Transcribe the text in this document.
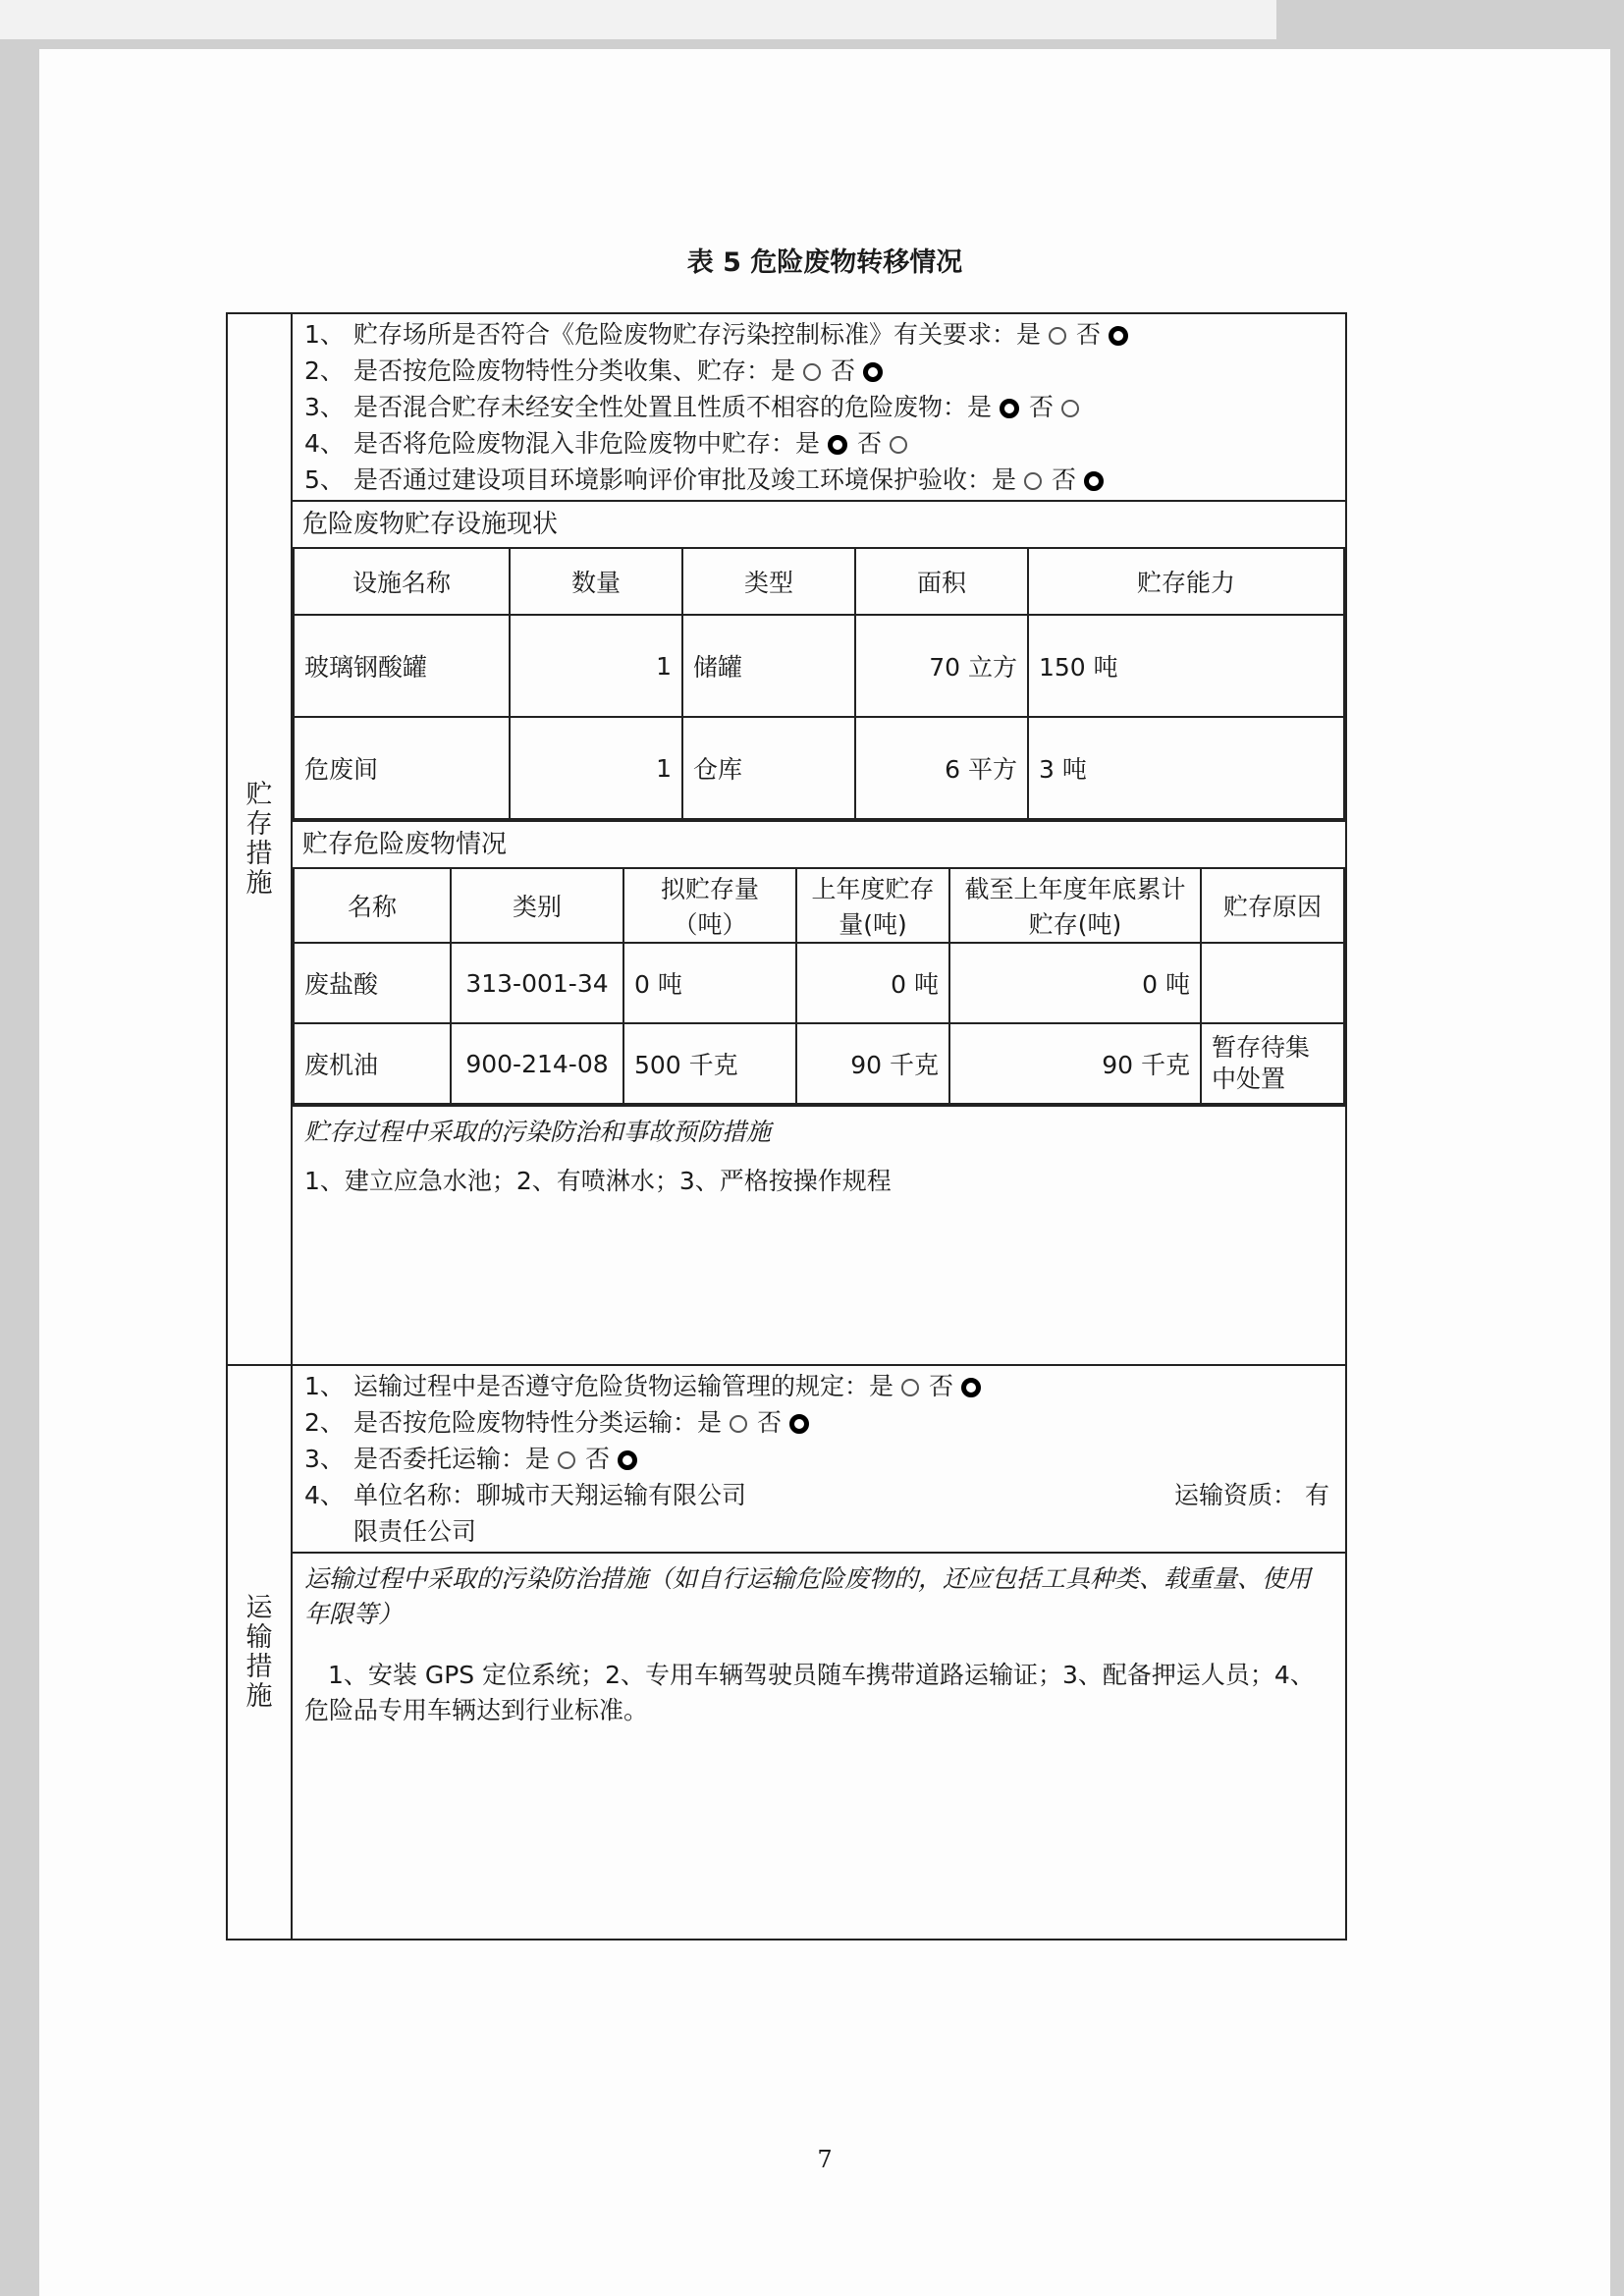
表 5 危险废物转移情况
贮
存
措
施

1、 贮存场所是否符合《危险废物贮存污染控制标准》有关要求：是 否
2、 是否按危险废物特性分类收集、贮存：是 否
3、 是否混合贮存未经安全性处置且性质不相容的危险废物：是 否
4、 是否将危险废物混入非危险废物中贮存：是 否
5、 是否通过建设项目环境影响评价审批及竣工环境保护验收：是 否

危险废物贮存设施现状
设施名称	数量	类型	面积	贮存能力
玻璃钢酸罐	1	储罐	70 立方	150 吨
危废间	1	仓库	6 平方	3 吨

贮存危险废物情况
名称	类别	拟贮存量（吨）	上年度贮存量(吨)	截至上年度年底累计贮存(吨)	贮存原因
废盐酸	313-001-34	0 吨	0 吨	0 吨	
废机油	900-214-08	500 千克	90 千克	90 千克	暂存待集中处置

贮存过程中采取的污染防治和事故预防措施
1、建立应急水池；2、有喷淋水；3、严格按操作规程

运
输
措
施

1、 运输过程中是否遵守危险货物运输管理的规定：是 否
2、 是否按危险废物特性分类运输：是 否
3、 是否委托运输：是 否
4、 单位名称：聊城市天翔运输有限公司	运输资质： 有
限责任公司

运输过程中采取的污染防治措施（如自行运输危险废物的，还应包括工具种类、载重量、使用年限等）
1、安装 GPS 定位系统；2、专用车辆驾驶员随车携带道路运输证；3、配备押运人员；4、危险品专用车辆达到行业标准。
7
